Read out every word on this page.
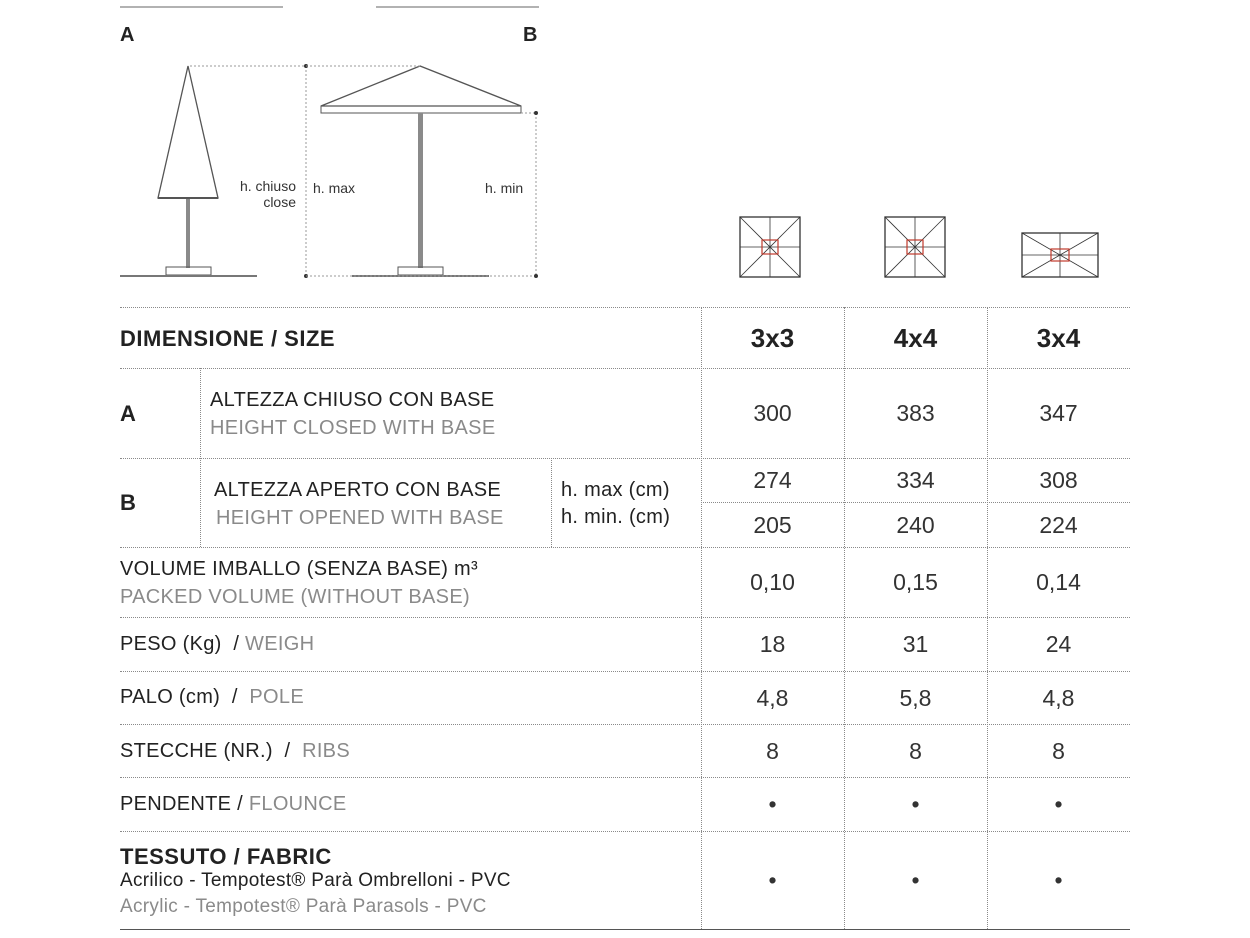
A	B
h. chiuso
close
h. max	h. min
DIMENSIONE / SIZE	3x3	4x4	3x4
A
ALTEZZA CHIUSO CON BASE
HEIGHT CLOSED WITH BASE
300	383	347
B	ALTEZZA APERTO CON BASE
HEIGHT OPENED WITH BASE
h. max (cm)
h. min. (cm)
274	334	308
205	240	224
VOLUME IMBALLO (SENZA BASE) m³
PACKED VOLUME (WITHOUT BASE)
0,10	0,15	0,14
PESO (Kg)  / WEIGH	18	31	24
PALO (cm)  /  POLE	4,8	5,8	4,8
STECCHE (NR.)  /  RIBS	8	8	8
PENDENTE / FLOUNCE	•	•	•
TESSUTO / FABRIC
Acrilico - Tempotest® Parà Ombrelloni - PVC
Acrylic - Tempotest® Parà Parasols - PVC
•	•	•
